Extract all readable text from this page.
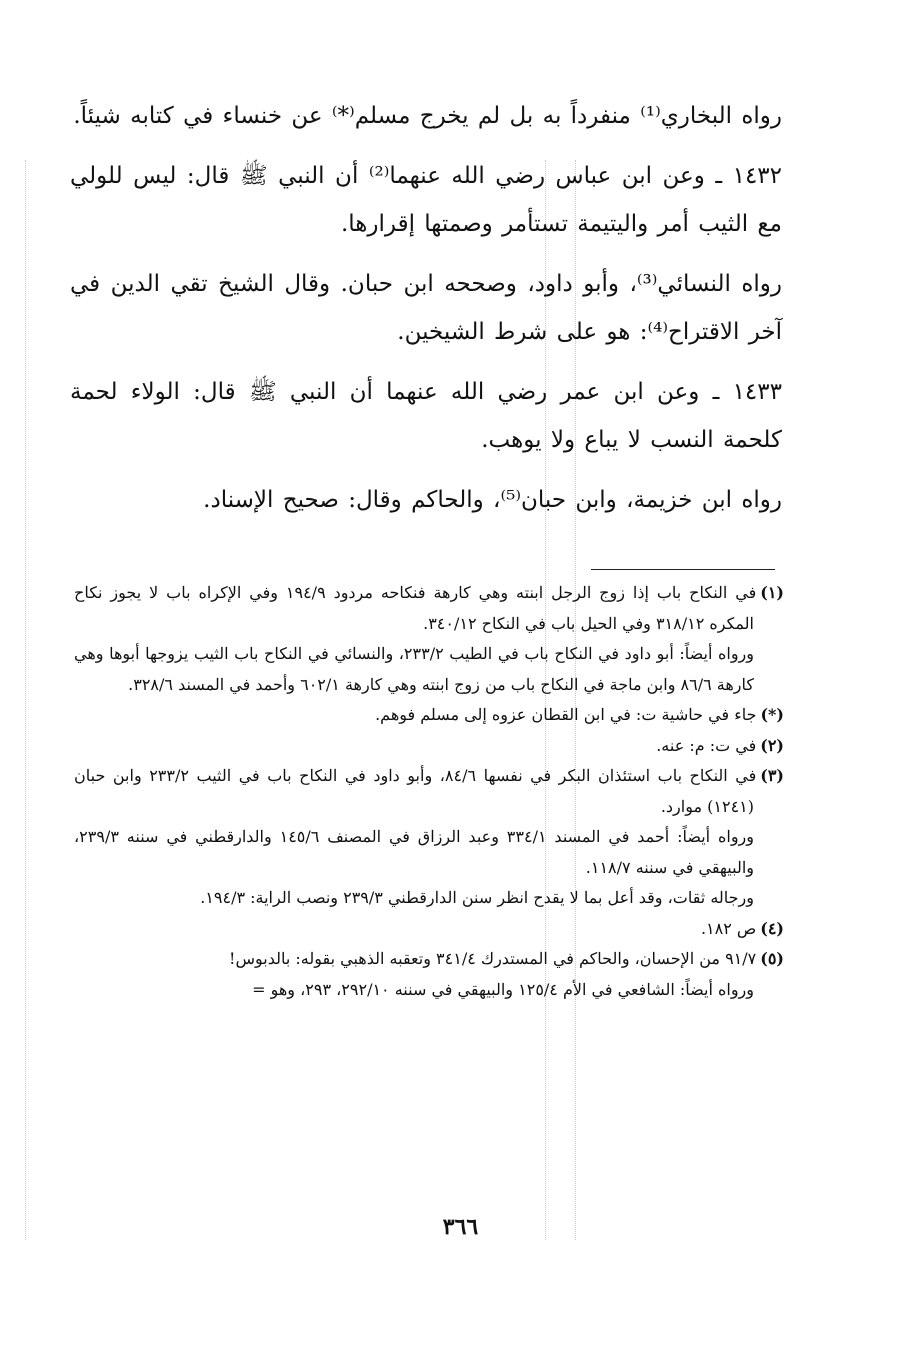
رواه البخاري⁽¹⁾ منفرداً به بل لم يخرج مسلم⁽*⁾ عن خنساء في كتابه شيئاً.

١٤٣٢ ـ وعن ابن عباس رضي الله عنهما⁽²⁾ أن النبي ﷺ قال: ليس للولي مع الثيب أمر واليتيمة تستأمر وصمتها إقرارها.

رواه النسائي⁽³⁾، وأبو داود، وصححه ابن حبان. وقال الشيخ تقي الدين في آخر الاقتراح⁽⁴⁾: هو على شرط الشيخين.

١٤٣٣ ـ وعن ابن عمر رضي الله عنهما أن النبي ﷺ قال: الولاء لحمة كلحمة النسب لا يباع ولا يوهب.

رواه ابن خزيمة، وابن حبان⁽⁵⁾، والحاكم وقال: صحيح الإسناد.

(١)في النكاح باب إذا زوج الرجل ابنته وهي كارهة فنكاحه مردود ١٩٤/٩ وفي الإكراه باب لا يجوز نكاح المكره ٣١٨/١٢ وفي الحيل باب في النكاح ٣٤٠/١٢.

ورواه أيضاً: أبو داود في النكاح باب في الطيب ٢٣٣/٢، والنسائي في النكاح باب الثيب يزوجها أبوها وهي كارهة ٨٦/٦ وابن ماجة في النكاح باب من زوج ابنته وهي كارهة ٦٠٢/١ وأحمد في المسند ٣٢٨/٦.

(*)جاء في حاشية ت: في ابن القطان عزوه إلى مسلم فوهم.

(٢)في ت: م: عنه.

(٣)في النكاح باب استئذان البكر في نفسها ٨٤/٦، وأبو داود في النكاح باب في الثيب ٢٣٣/٢ وابن حبان (١٢٤١) موارد.

ورواه أيضاً: أحمد في المسند ٣٣٤/١ وعبد الرزاق في المصنف ١٤٥/٦ والدارقطني في سننه ٢٣٩/٣، والبيهقي في سننه ١١٨/٧.

ورجاله ثقات، وقد أعل بما لا يقدح انظر سنن الدارقطني ٢٣٩/٣ ونصب الراية: ١٩٤/٣.

(٤)ص ١٨٢.

(٥)٩١/٧ من الإحسان، والحاكم في المستدرك ٣٤١/٤ وتعقبه الذهبي بقوله: بالدبوس!

ورواه أيضاً: الشافعي في الأم ١٢٥/٤ والبيهقي في سننه ٢٩٢/١٠، ٢٩٣، وهو =

٣٦٦
